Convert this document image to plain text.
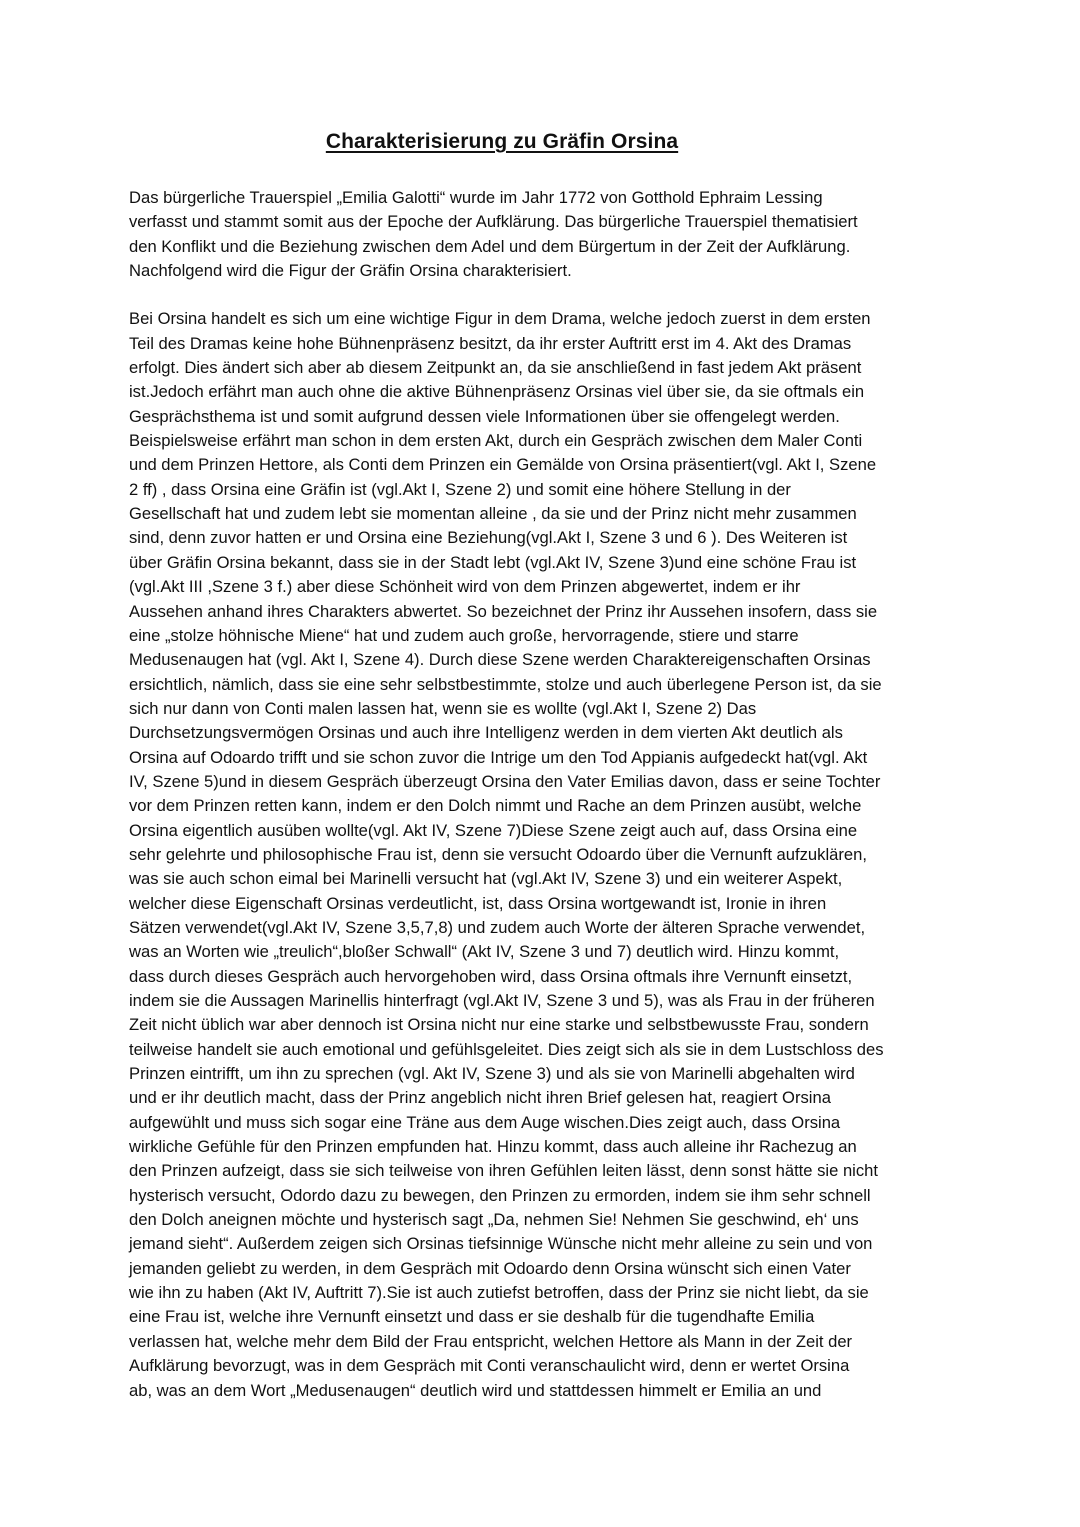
Charakterisierung zu Gräfin Orsina
Das bürgerliche Trauerspiel „Emilia Galotti“ wurde im Jahr 1772 von Gotthold Ephraim Lessing
verfasst und stammt somit aus der Epoche der Aufklärung. Das bürgerliche Trauerspiel thematisiert
den Konflikt und die Beziehung zwischen dem Adel und dem Bürgertum in der Zeit der Aufklärung.
Nachfolgend wird die Figur der Gräfin Orsina charakterisiert.
Bei Orsina handelt es sich um eine wichtige Figur in dem Drama, welche jedoch zuerst in dem ersten
Teil des Dramas keine hohe Bühnenpräsenz besitzt, da ihr erster Auftritt erst im 4. Akt des Dramas
erfolgt. Dies ändert sich aber ab diesem Zeitpunkt an, da sie anschließend in fast jedem Akt präsent
ist.Jedoch erfährt man auch ohne die aktive Bühnenpräsenz Orsinas viel über sie, da sie oftmals ein
Gesprächsthema ist und somit aufgrund dessen viele Informationen über sie offengelegt werden.
Beispielsweise erfährt man schon in dem ersten Akt, durch ein Gespräch zwischen dem Maler Conti
und dem Prinzen Hettore, als Conti dem Prinzen ein Gemälde von Orsina präsentiert(vgl. Akt I, Szene
2 ff) , dass Orsina eine Gräfin ist (vgl.Akt I, Szene 2) und somit eine höhere Stellung in der
Gesellschaft hat und zudem lebt sie momentan alleine , da sie und der Prinz nicht mehr zusammen
sind, denn zuvor hatten er und Orsina eine Beziehung(vgl.Akt I, Szene 3 und 6 ). Des Weiteren ist
über Gräfin Orsina bekannt, dass sie in der Stadt lebt (vgl.Akt IV, Szene 3)und eine schöne Frau ist
(vgl.Akt III ,Szene 3 f.) aber diese Schönheit wird von dem Prinzen abgewertet, indem er ihr
Aussehen anhand ihres Charakters abwertet. So bezeichnet der Prinz ihr Aussehen insofern, dass sie
eine „stolze höhnische Miene“ hat und zudem auch große, hervorragende, stiere und starre
Medusenaugen hat (vgl. Akt I, Szene 4). Durch diese Szene werden Charaktereigenschaften Orsinas
ersichtlich, nämlich, dass sie eine sehr selbstbestimmte, stolze und auch überlegene Person ist, da sie
sich nur dann von Conti malen lassen hat, wenn sie es wollte (vgl.Akt I, Szene 2) Das
Durchsetzungsvermögen Orsinas und auch ihre Intelligenz werden in dem vierten Akt deutlich als
Orsina auf Odoardo trifft und sie schon zuvor die Intrige um den Tod Appianis aufgedeckt hat(vgl. Akt
IV, Szene 5)und in diesem Gespräch überzeugt Orsina den Vater Emilias davon, dass er seine Tochter
vor dem Prinzen retten kann, indem er den Dolch nimmt und Rache an dem Prinzen ausübt, welche
Orsina eigentlich ausüben wollte(vgl. Akt IV, Szene 7)Diese Szene zeigt auch auf, dass Orsina eine
sehr gelehrte und philosophische Frau ist, denn sie versucht Odoardo über die Vernunft aufzuklären,
was sie auch schon eimal bei Marinelli versucht hat (vgl.Akt IV, Szene 3) und ein weiterer Aspekt,
welcher diese Eigenschaft Orsinas verdeutlicht, ist, dass Orsina wortgewandt ist, Ironie in ihren
Sätzen verwendet(vgl.Akt IV, Szene 3,5,7,8) und zudem auch Worte der älteren Sprache verwendet,
was an Worten wie „treulich“,bloßer Schwall“ (Akt IV, Szene 3 und 7) deutlich wird. Hinzu kommt,
dass durch dieses Gespräch auch hervorgehoben wird, dass Orsina oftmals ihre Vernunft einsetzt,
indem sie die Aussagen Marinellis hinterfragt (vgl.Akt IV, Szene 3 und 5), was als Frau in der früheren
Zeit nicht üblich war aber dennoch ist Orsina nicht nur eine starke und selbstbewusste Frau, sondern
teilweise handelt sie auch emotional und gefühlsgeleitet. Dies zeigt sich als sie in dem Lustschloss des
Prinzen eintrifft, um ihn zu sprechen (vgl. Akt IV, Szene 3) und als sie von Marinelli abgehalten wird
und er ihr deutlich macht, dass der Prinz angeblich nicht ihren Brief gelesen hat, reagiert Orsina
aufgewühlt und muss sich sogar eine Träne aus dem Auge wischen.Dies zeigt auch, dass Orsina
wirkliche Gefühle für den Prinzen empfunden hat. Hinzu kommt, dass auch alleine ihr Rachezug an
den Prinzen aufzeigt, dass sie sich teilweise von ihren Gefühlen leiten lässt, denn sonst hätte sie nicht
hysterisch versucht, Odordo dazu zu bewegen, den Prinzen zu ermorden, indem sie ihm sehr schnell
den Dolch aneignen möchte und hysterisch sagt „Da, nehmen Sie! Nehmen Sie geschwind, eh‘ uns
jemand sieht“. Außerdem zeigen sich Orsinas tiefsinnige Wünsche nicht mehr alleine zu sein und von
jemanden geliebt zu werden, in dem Gespräch mit Odoardo denn Orsina wünscht sich einen Vater
wie ihn zu haben (Akt IV, Auftritt 7).Sie ist auch zutiefst betroffen, dass der Prinz sie nicht liebt, da sie
eine Frau ist, welche ihre Vernunft einsetzt und dass er sie deshalb für die tugendhafte Emilia
verlassen hat, welche mehr dem Bild der Frau entspricht, welchen Hettore als Mann in der Zeit der
Aufklärung bevorzugt, was in dem Gespräch mit Conti veranschaulicht wird, denn er wertet Orsina
ab, was an dem Wort „Medusenaugen“ deutlich wird und stattdessen himmelt er Emilia an und
